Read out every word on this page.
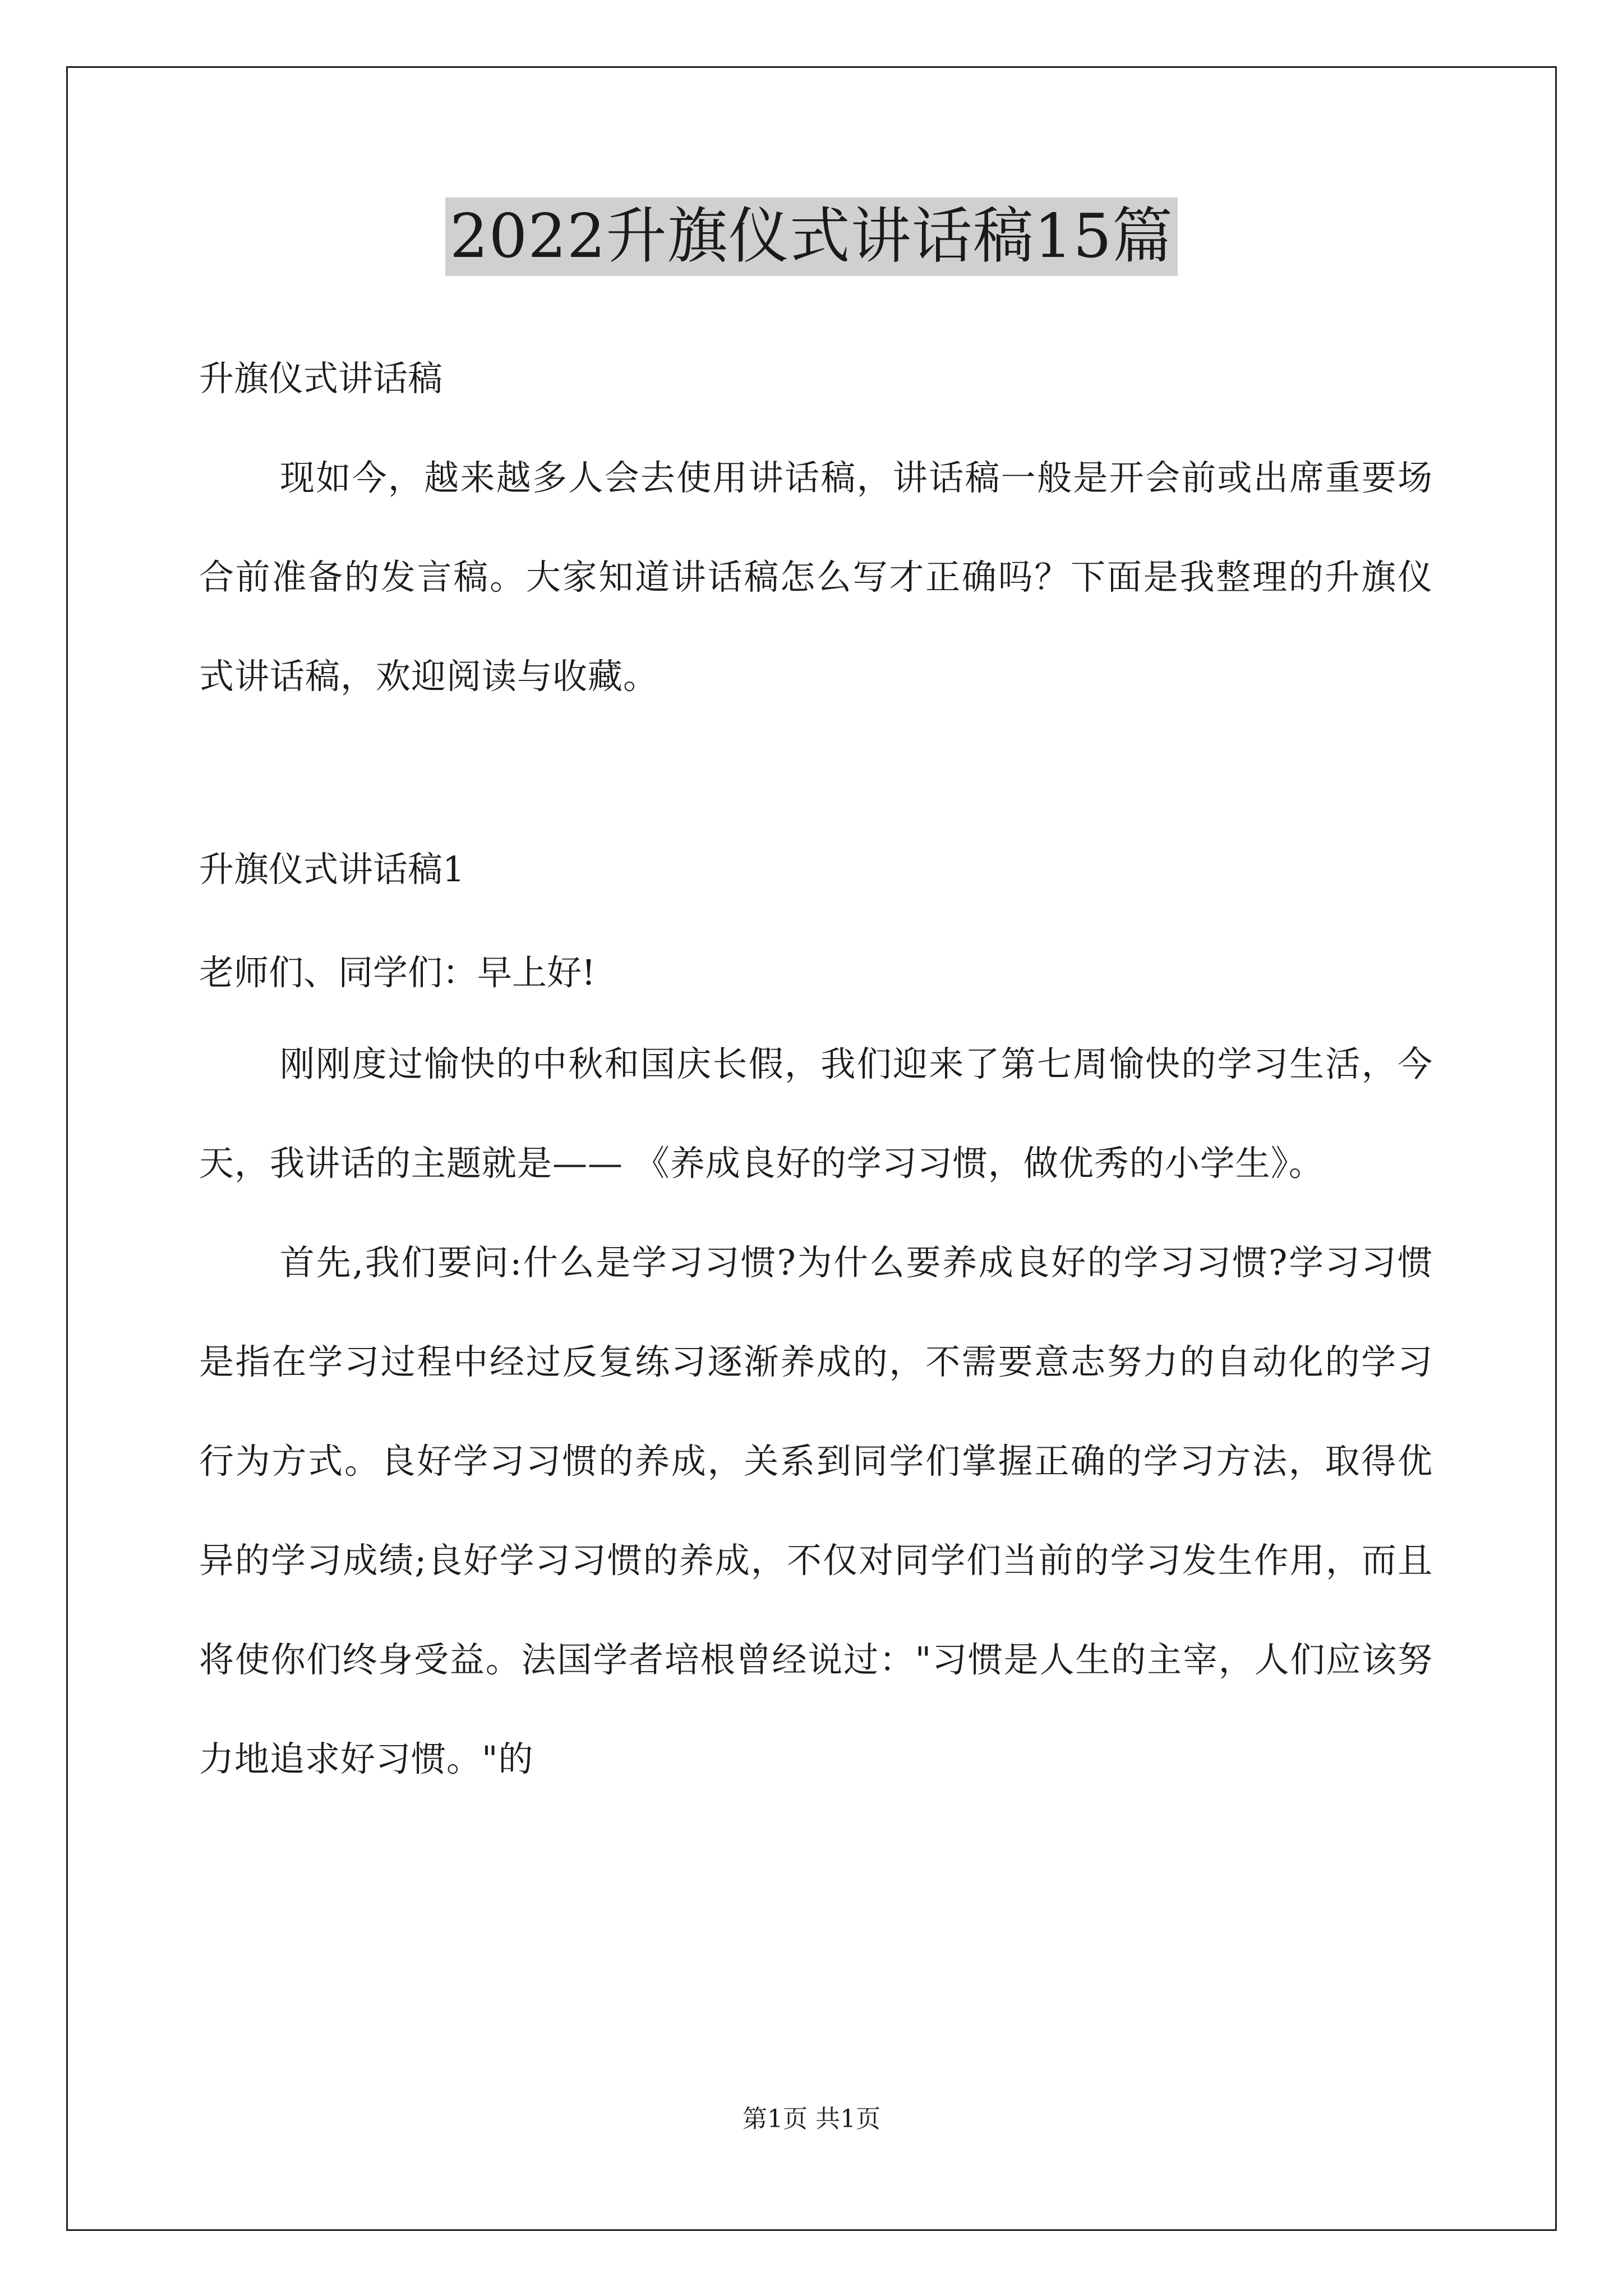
2022升旗仪式讲话稿15篇

升旗仪式讲话稿

现如今，越来越多人会去使用讲话稿，讲话稿一般是开会前或出席重要场合前准备的发言稿。大家知道讲话稿怎么写才正确吗？下面是我整理的升旗仪式讲话稿，欢迎阅读与收藏。

升旗仪式讲话稿1

老师们、同学们：早上好!

刚刚度过愉快的中秋和国庆长假，我们迎来了第七周愉快的学习生活，今天，我讲话的主题就是—— 《养成良好的学习习惯，做优秀的小学生》。

首先,我们要问:什么是学习习惯?为什么要养成良好的学习习惯?学习习惯是指在学习过程中经过反复练习逐渐养成的，不需要意志努力的自动化的学习行为方式。良好学习习惯的养成，关系到同学们掌握正确的学习方法，取得优异的学习成绩;良好学习习惯的养成，不仅对同学们当前的学习发生作用，而且将使你们终身受益。法国学者培根曾经说过："习惯是人生的主宰，人们应该努力地追求好习惯。"的

第1页 共1页
